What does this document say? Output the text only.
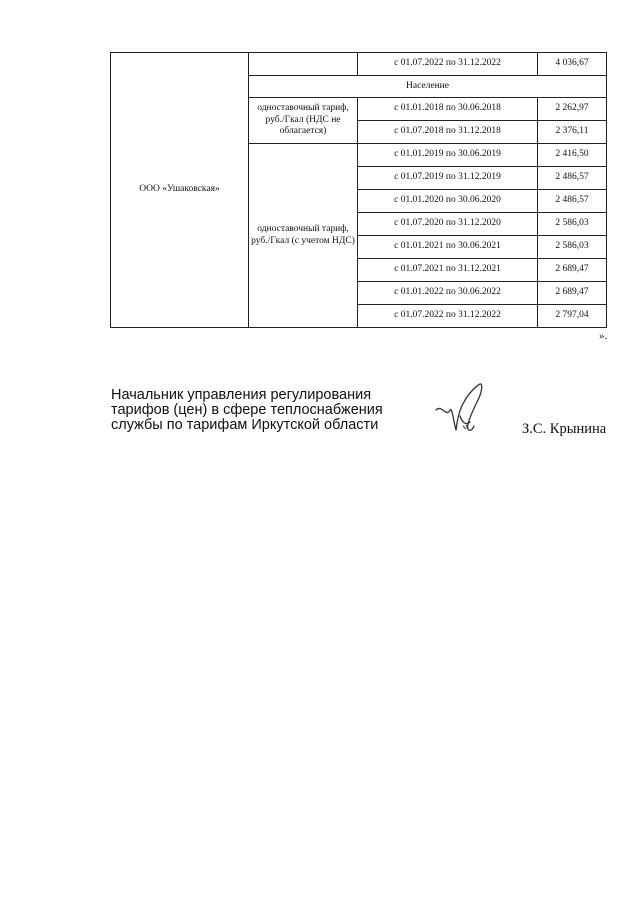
ООО «Ушаковская»		с 01.07.2022 по 31.12.2022	4 036,67
	Население		
	одноставочный тариф, руб./Гкал (НДС не облагается)	с 01.01.2018 по 30.06.2018	2 262,97
		с 01.07.2018 по 31.12.2018	2 376,11
	одноставочный тариф, руб./Гкал (с учетом НДС)	с 01.01.2019 по 30.06.2019	2 416,50
		с 01.07.2019 по 31.12.2019	2 486,57
		с 01.01.2020 по 30.06.2020	2 486,57
		с 01.07.2020 по 31.12.2020	2 586,03
		с 01.01.2021 по 30.06.2021	2 586,03
		с 01.07.2021 по 31.12.2021	2 689,47
		с 01.01.2022 по 30.06.2022	2 689,47
		с 01.07.2022 по 31.12.2022	2 797,04
».
Начальник управления регулирования
тарифов (цен) в сфере теплоснабжения
службы по тарифам Иркутской области	З.С. Крынина
